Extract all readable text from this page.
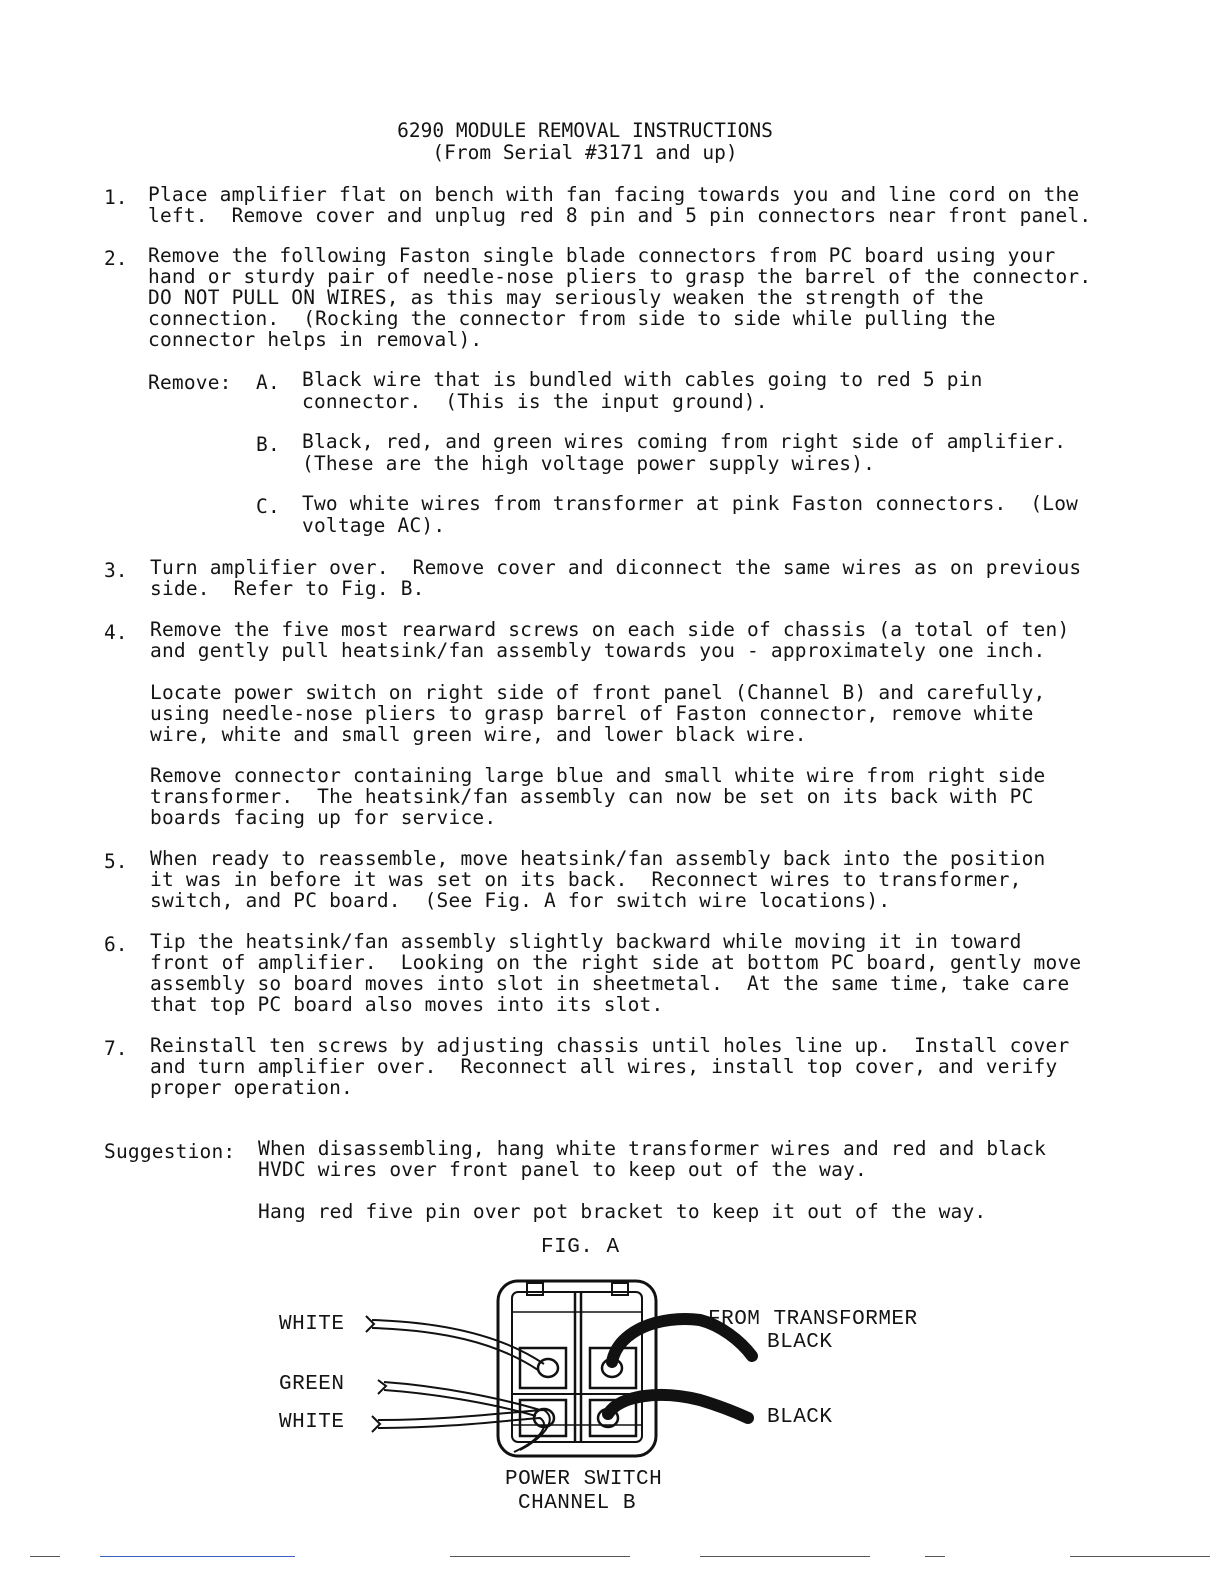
6290 MODULE REMOVAL INSTRUCTIONS
(From Serial #3171 and up)
1. Place amplifier flat on bench with fan facing towards you and line cord on the
left.  Remove cover and unplug red 8 pin and 5 pin connectors near front panel.
2. Remove the following Faston single blade connectors from PC board using your
hand or sturdy pair of needle-nose pliers to grasp the barrel of the connector.
DO NOT PULL ON WIRES, as this may seriously weaken the strength of the
connection.  (Rocking the connector from side to side while pulling the
connector helps in removal).
Remove: A. Black wire that is bundled with cables going to red 5 pin
connector.  (This is the input ground).
B. Black, red, and green wires coming from right side of amplifier.
(These are the high voltage power supply wires).
C. Two white wires from transformer at pink Faston connectors.  (Low
voltage AC).
3. Turn amplifier over.  Remove cover and diconnect the same wires as on previous
side.  Refer to Fig. B.
4. Remove the five most rearward screws on each side of chassis (a total of ten)
and gently pull heatsink/fan assembly towards you - approximately one inch.
Locate power switch on right side of front panel (Channel B) and carefully,
using needle-nose pliers to grasp barrel of Faston connector, remove white
wire, white and small green wire, and lower black wire.
Remove connector containing large blue and small white wire from right side
transformer.  The heatsink/fan assembly can now be set on its back with PC
boards facing up for service.
5. When ready to reassemble, move heatsink/fan assembly back into the position
it was in before it was set on its back.  Reconnect wires to transformer,
switch, and PC board.  (See Fig. A for switch wire locations).
6. Tip the heatsink/fan assembly slightly backward while moving it in toward
front of amplifier.  Looking on the right side at bottom PC board, gently move
assembly so board moves into slot in sheetmetal.  At the same time, take care
that top PC board also moves into its slot.
7. Reinstall ten screws by adjusting chassis until holes line up.  Install cover
and turn amplifier over.  Reconnect all wires, install top cover, and verify
proper operation.
Suggestion: When disassembling, hang white transformer wires and red and black
HVDC wires over front panel to keep out of the way.
Hang red five pin over pot bracket to keep it out of the way.
FIG. A
WHITE
GREEN
WHITE
FROM TRANSFORMER
BLACK
BLACK
POWER SWITCH
CHANNEL B
